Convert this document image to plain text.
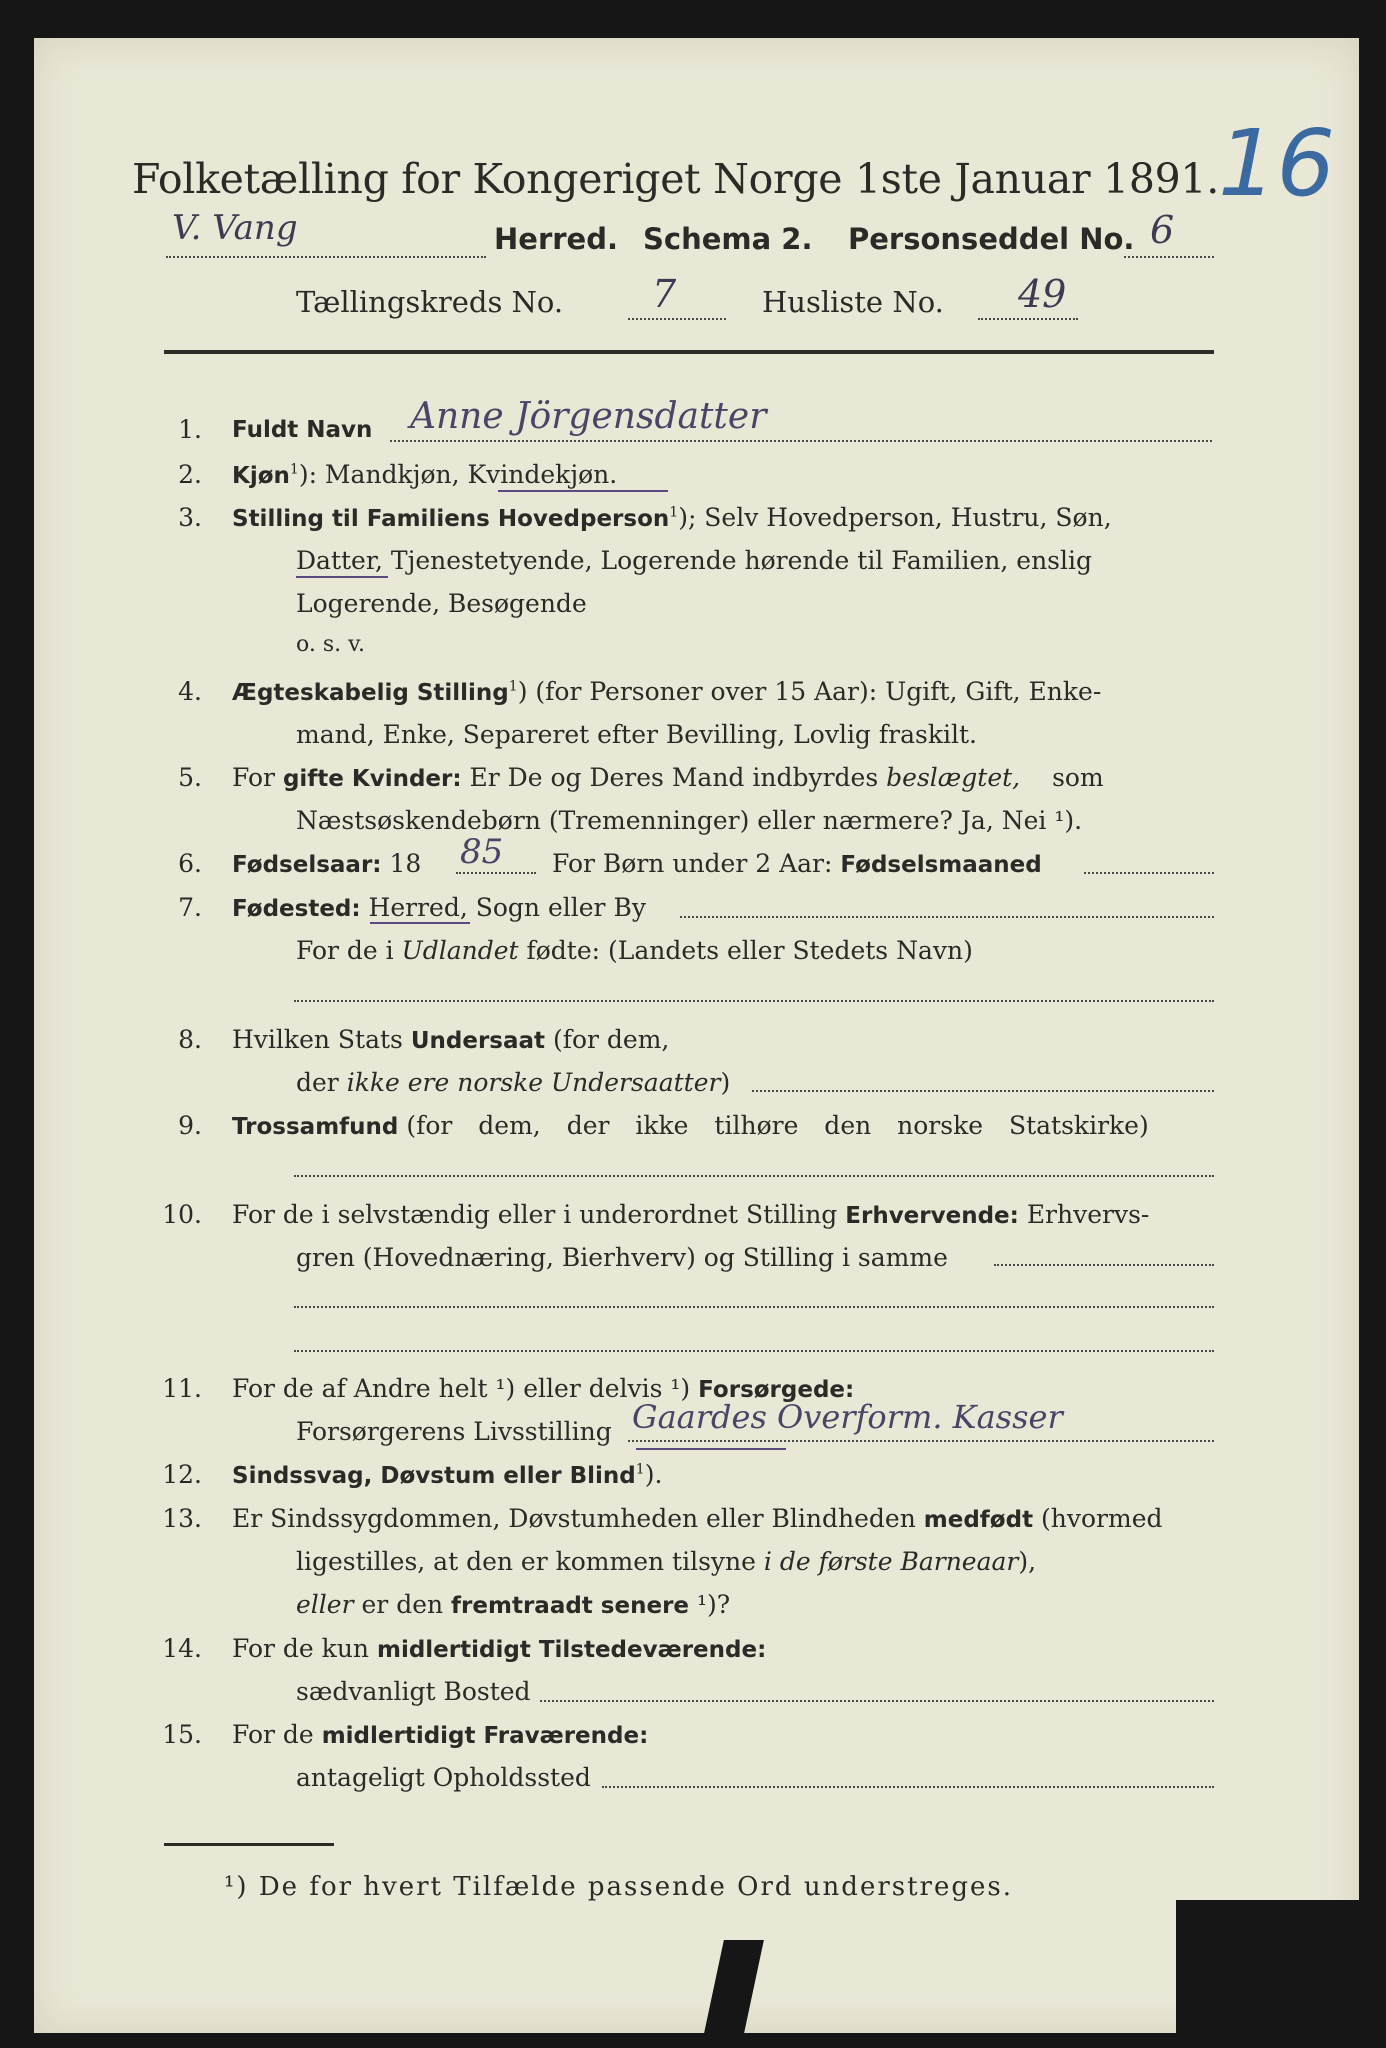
Folketælling for Kongeriget Norge 1ste Januar 1891. 16
V. Vang	Herred. Schema 2. Personseddel No. 6
Tællingskreds No. 7	Husliste No. 49
1. Fuldt Navn Anne Jörgensdatter
2. Kjøn$^1$): Mandkjøn, Kvindekjøn.
3. Stilling til Familiens Hovedperson$^1$); Selv Hovedperson, Hustru, Søn,
Datter, Tjenestetyende, Logerende hørende til Familien, enslig
Logerende, Besøgende
o. s. v.
4. Ægteskabelig Stilling$^1$) (for Personer over 15 Aar): Ugift, Gift, Enke-
mand, Enke, Separeret efter Bevilling, Lovlig fraskilt.
5. For gifte Kvinder: Er De og Deres Mand indbyrdes beslægtet, som
Næstsøskendebørn (Tremenninger) eller nærmere? Ja, Nei ¹).
6. Fødselsaar: 18 85 For Børn under 2 Aar: Fødselsmaaned
7. Fødested: Herred, Sogn eller By
For de i Udlandet fødte: (Landets eller Stedets Navn)
8. Hvilken Stats Undersaat (for dem,
der ikke ere norske Undersaatter)
9. Trossamfund (for dem, der ikke tilhøre den norske Statskirke)
10. For de i selvstændig eller i underordnet Stilling Erhvervende: Erhvervs-
gren (Hovednæring, Bierhverv) og Stilling i samme
11. For de af Andre helt ¹) eller delvis ¹) Forsørgede:
Forsørgerens Livsstilling Gaardes Overform. Kasser
12. Sindssvag, Døvstum eller Blind$^1$).
13. Er Sindssygdommen, Døvstumheden eller Blindheden medfødt (hvormed
ligestilles, at den er kommen tilsyne i de første Barneaar),
eller er den fremtraadt senere ¹)?
14. For de kun midlertidigt Tilstedeværende:
sædvanligt Bosted
15. For de midlertidigt Fraværende:
antageligt Opholdssted
¹) De for hvert Tilfælde passende Ord understreges.
